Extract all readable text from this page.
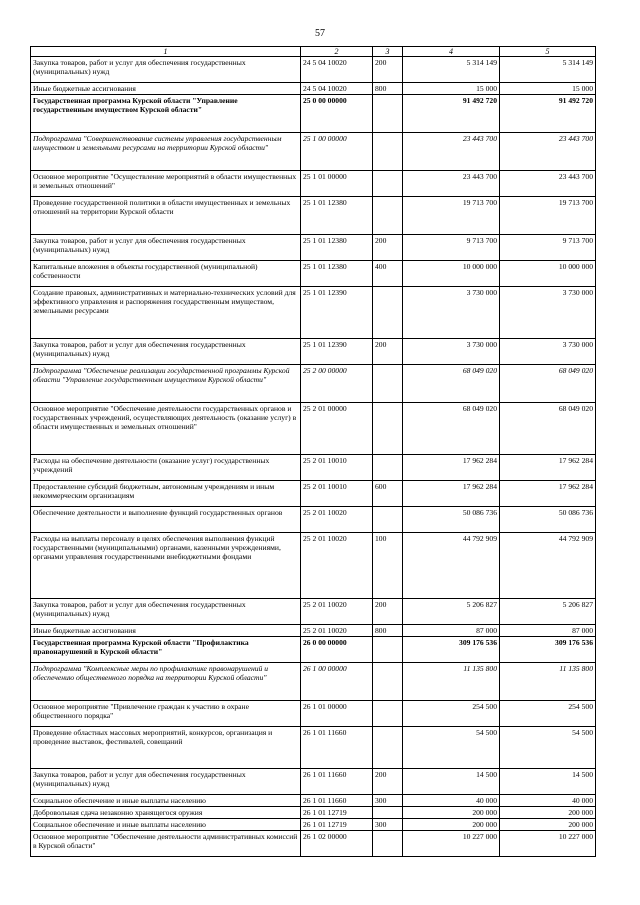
57
1	2	3	4	5
Закупка товаров, работ и услуг для обеспечения государственных (муниципальных) нужд	24 5 04 10020	200	5 314 149	5 314 149
Иные бюджетные ассигнования	24 5 04 10020	800	15 000	15 000
Государственная программа Курской области "Управление государственным имуществом Курской области"	25 0 00 00000		91 492 720	91 492 720
Подпрограмма "Совершенствование системы управления государственным имуществом и земельными ресурсами на территории Курской области"	25 1 00 00000		23 443 700	23 443 700
Основное мероприятие "Осуществление мероприятий в области имущественных и земельных отношений"	25 1 01 00000		23 443 700	23 443 700
Проведение государственной политики в области имущественных и земельных отношений на территории Курской области	25 1 01 12380		19 713 700	19 713 700
Закупка товаров, работ и услуг для обеспечения государственных (муниципальных) нужд	25 1 01 12380	200	9 713 700	9 713 700
Капитальные вложения в объекты государственной (муниципальной) собственности	25 1 01 12380	400	10 000 000	10 000 000
Создание правовых, административных и материально-технических условий для эффективного управления и распоряжения государственным имуществом, земельными ресурсами	25 1 01 12390		3 730 000	3 730 000
Закупка товаров, работ и услуг для обеспечения государственных (муниципальных) нужд	25 1 01 12390	200	3 730 000	3 730 000
Подпрограмма "Обеспечение реализации государственной программы Курской области "Управление государственным имуществом Курской области"	25 2 00 00000		68 049 020	68 049 020
Основное мероприятие "Обеспечение деятельности государственных органов и государственных учреждений, осуществляющих деятельность (оказание услуг) в области имущественных и земельных отношений"	25 2 01 00000		68 049 020	68 049 020
Расходы на обеспечение деятельности (оказание услуг) государственных учреждений	25 2 01 10010		17 962 284	17 962 284
Предоставление субсидий бюджетным, автономным учреждениям и иным некоммерческим организациям	25 2 01 10010	600	17 962 284	17 962 284
Обеспечение деятельности и выполнение функций государственных органов	25 2 01 10020		50 086 736	50 086 736
Расходы на выплаты персоналу в целях обеспечения выполнения функций государственными (муниципальными) органами, казенными учреждениями, органами управления государственными внебюджетными фондами	25 2 01 10020	100	44 792 909	44 792 909
Закупка товаров, работ и услуг для обеспечения государственных (муниципальных) нужд	25 2 01 10020	200	5 206 827	5 206 827
Иные бюджетные ассигнования	25 2 01 10020	800	87 000	87 000
Государственная программа Курской области "Профилактика правонарушений в Курской области"	26 0 00 00000		309 176 536	309 176 536
Подпрограмма "Комплексные меры по профилактике правонарушений и обеспечению общественного порядка на территории Курской области"	26 1 00 00000		11 135 800	11 135 800
Основное мероприятие "Привлечение граждан к участию в охране общественного порядка"	26 1 01 00000		254 500	254 500
Проведение областных массовых мероприятий, конкурсов, организация и проведение выставок, фестивалей, совещаний	26 1 01 11660		54 500	54 500
Закупка товаров, работ и услуг для обеспечения государственных (муниципальных) нужд	26 1 01 11660	200	14 500	14 500
Социальное обеспечение и иные выплаты населению	26 1 01 11660	300	40 000	40 000
Добровольная сдача незаконно хранящегося оружия	26 1 01 12719		200 000	200 000
Социальное обеспечение и иные выплаты населению	26 1 01 12719	300	200 000	200 000
Основное мероприятие "Обеспечение деятельности административных комиссий в Курской области"	26 1 02 00000		10 227 000	10 227 000
